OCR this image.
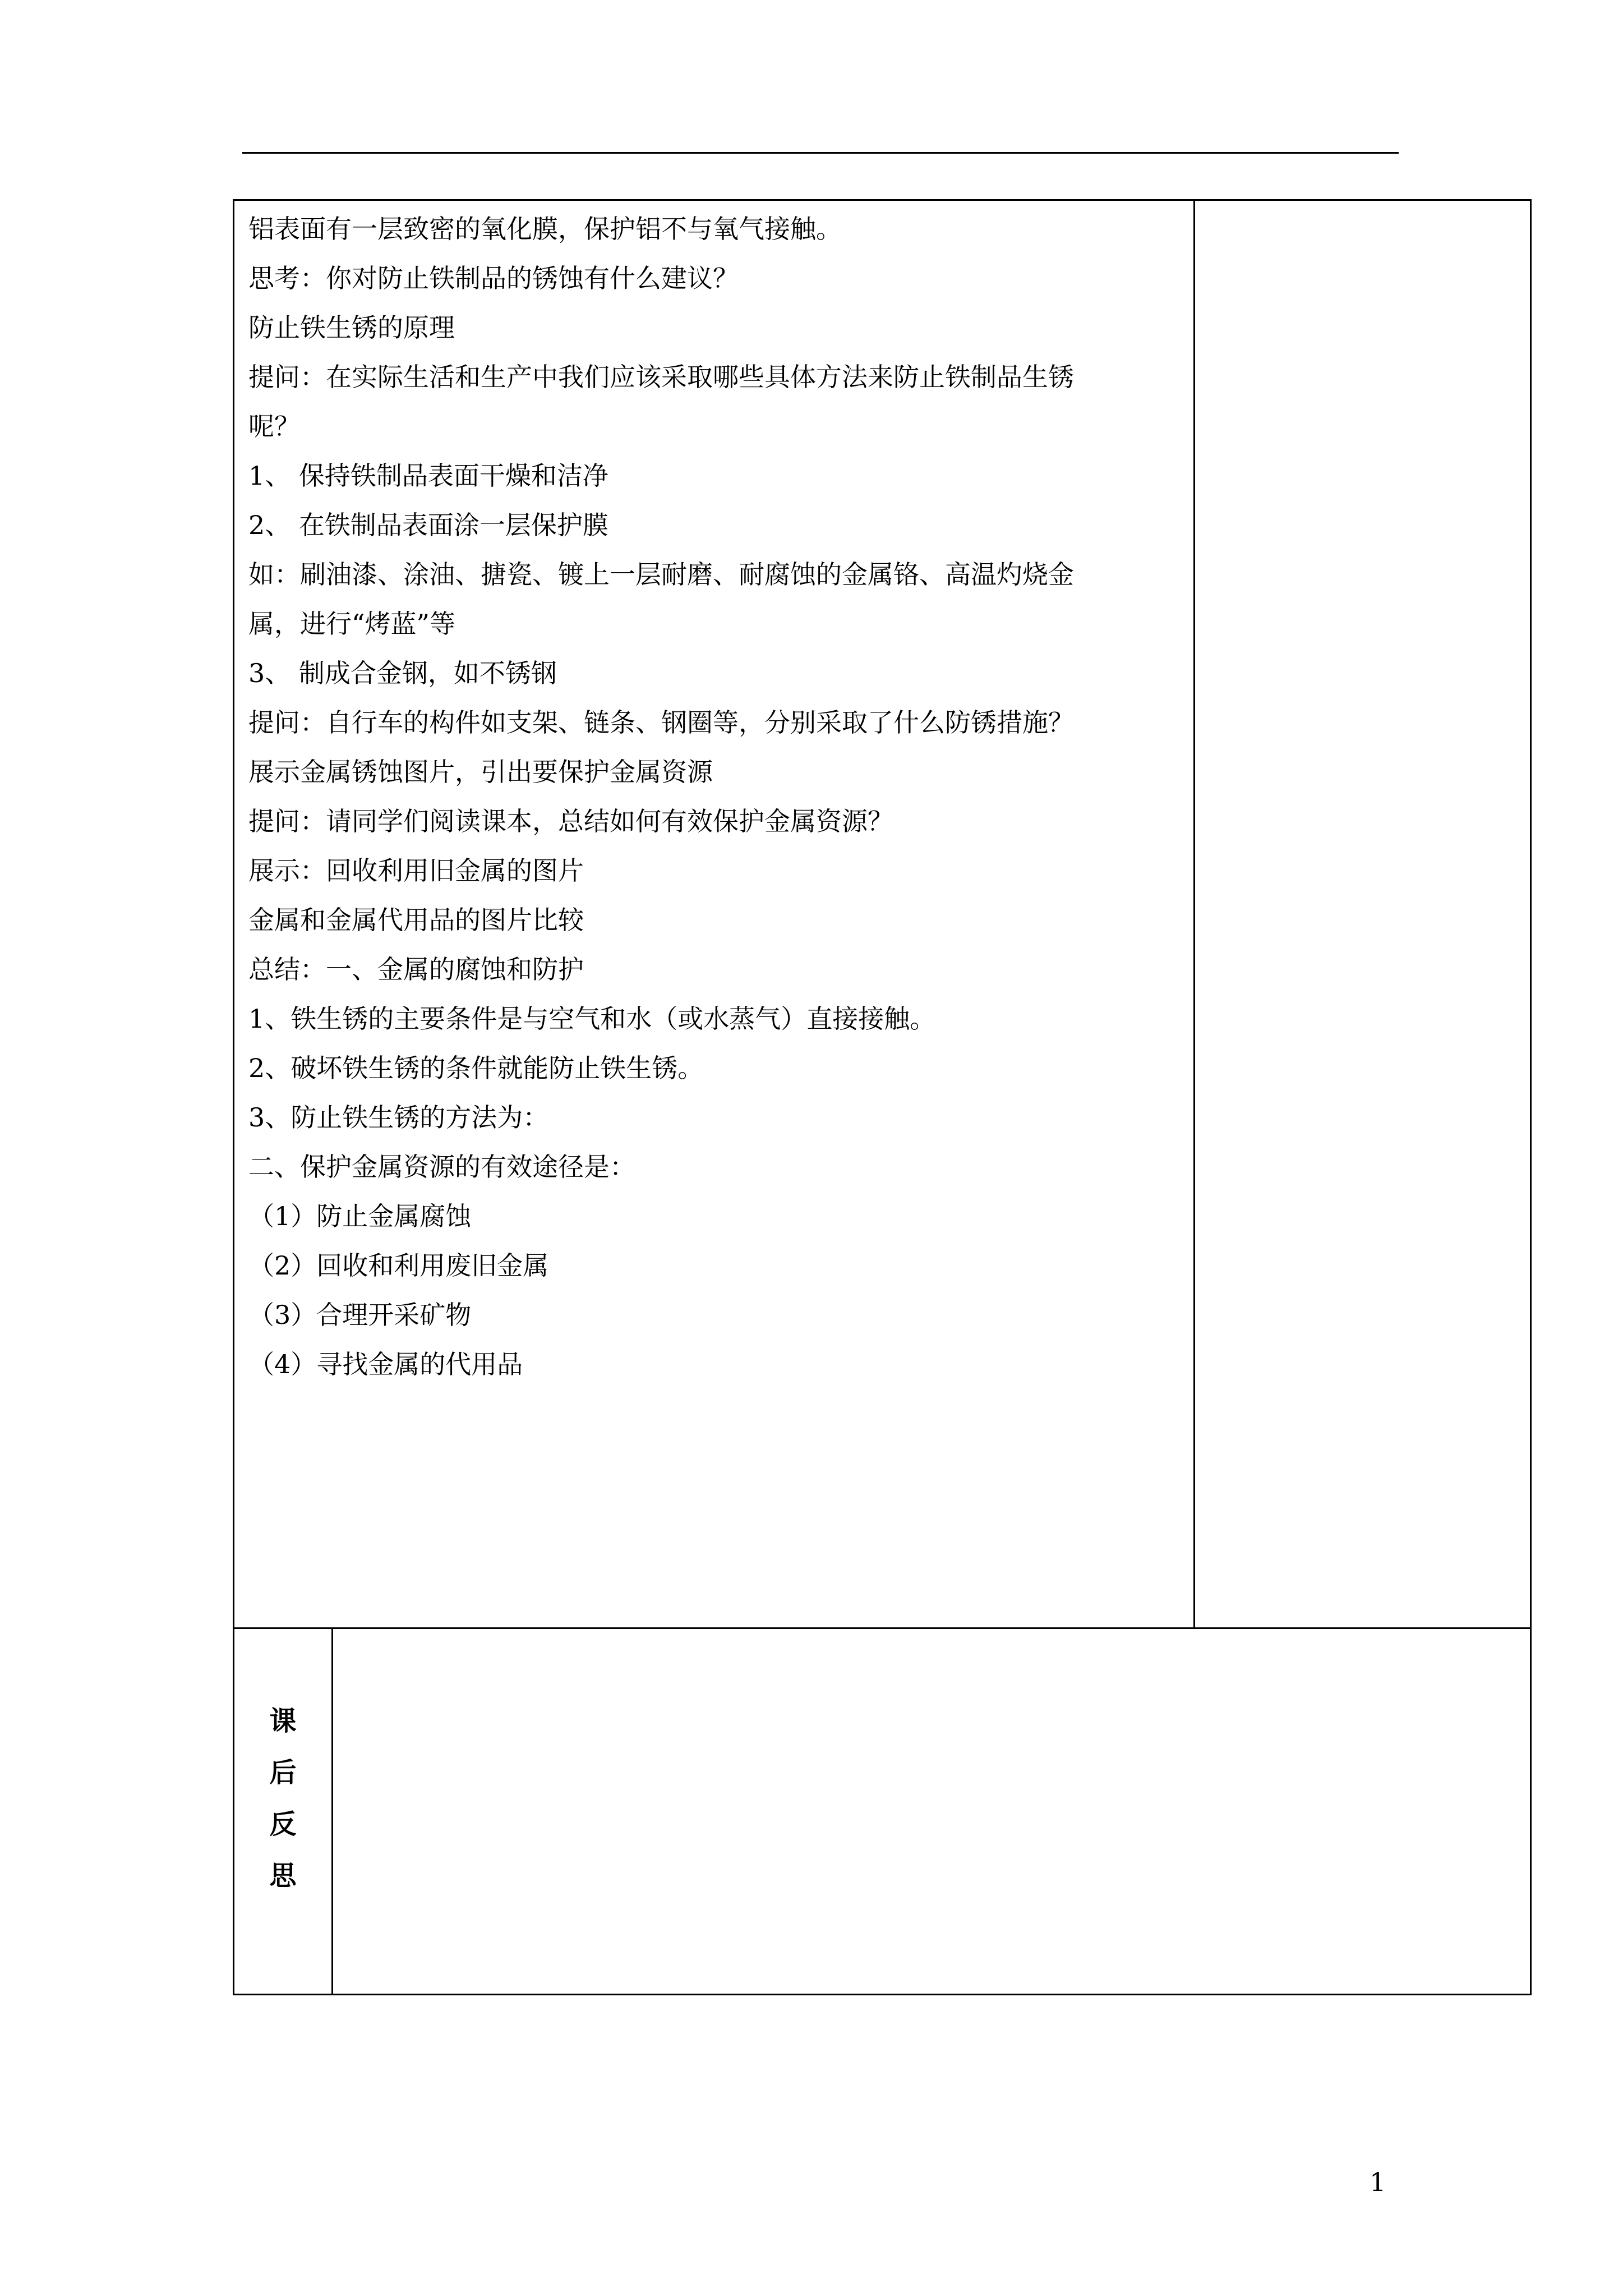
铝表面有一层致密的氧化膜，保护铝不与氧气接触。
思考：你对防止铁制品的锈蚀有什么建议？
防止铁生锈的原理
提问：在实际生活和生产中我们应该采取哪些具体方法来防止铁制品生锈
呢？
1、 保持铁制品表面干燥和洁净
2、 在铁制品表面涂一层保护膜
如：刷油漆、涂油、搪瓷、镀上一层耐磨、耐腐蚀的金属铬、高温灼烧金
属，进行“烤蓝”等
3、 制成合金钢，如不锈钢
提问：自行车的构件如支架、链条、钢圈等，分别采取了什么防锈措施？
展示金属锈蚀图片，引出要保护金属资源
提问：请同学们阅读课本，总结如何有效保护金属资源？
展示：回收利用旧金属的图片
金属和金属代用品的图片比较
总结：一、金属的腐蚀和防护
1、铁生锈的主要条件是与空气和水（或水蒸气）直接接触。
2、破坏铁生锈的条件就能防止铁生锈。
3、防止铁生锈的方法为：
二、保护金属资源的有效途径是：
（1）防止金属腐蚀
（2）回收和利用废旧金属
（3）合理开采矿物
（4）寻找金属的代用品
课
后
反
思
1
